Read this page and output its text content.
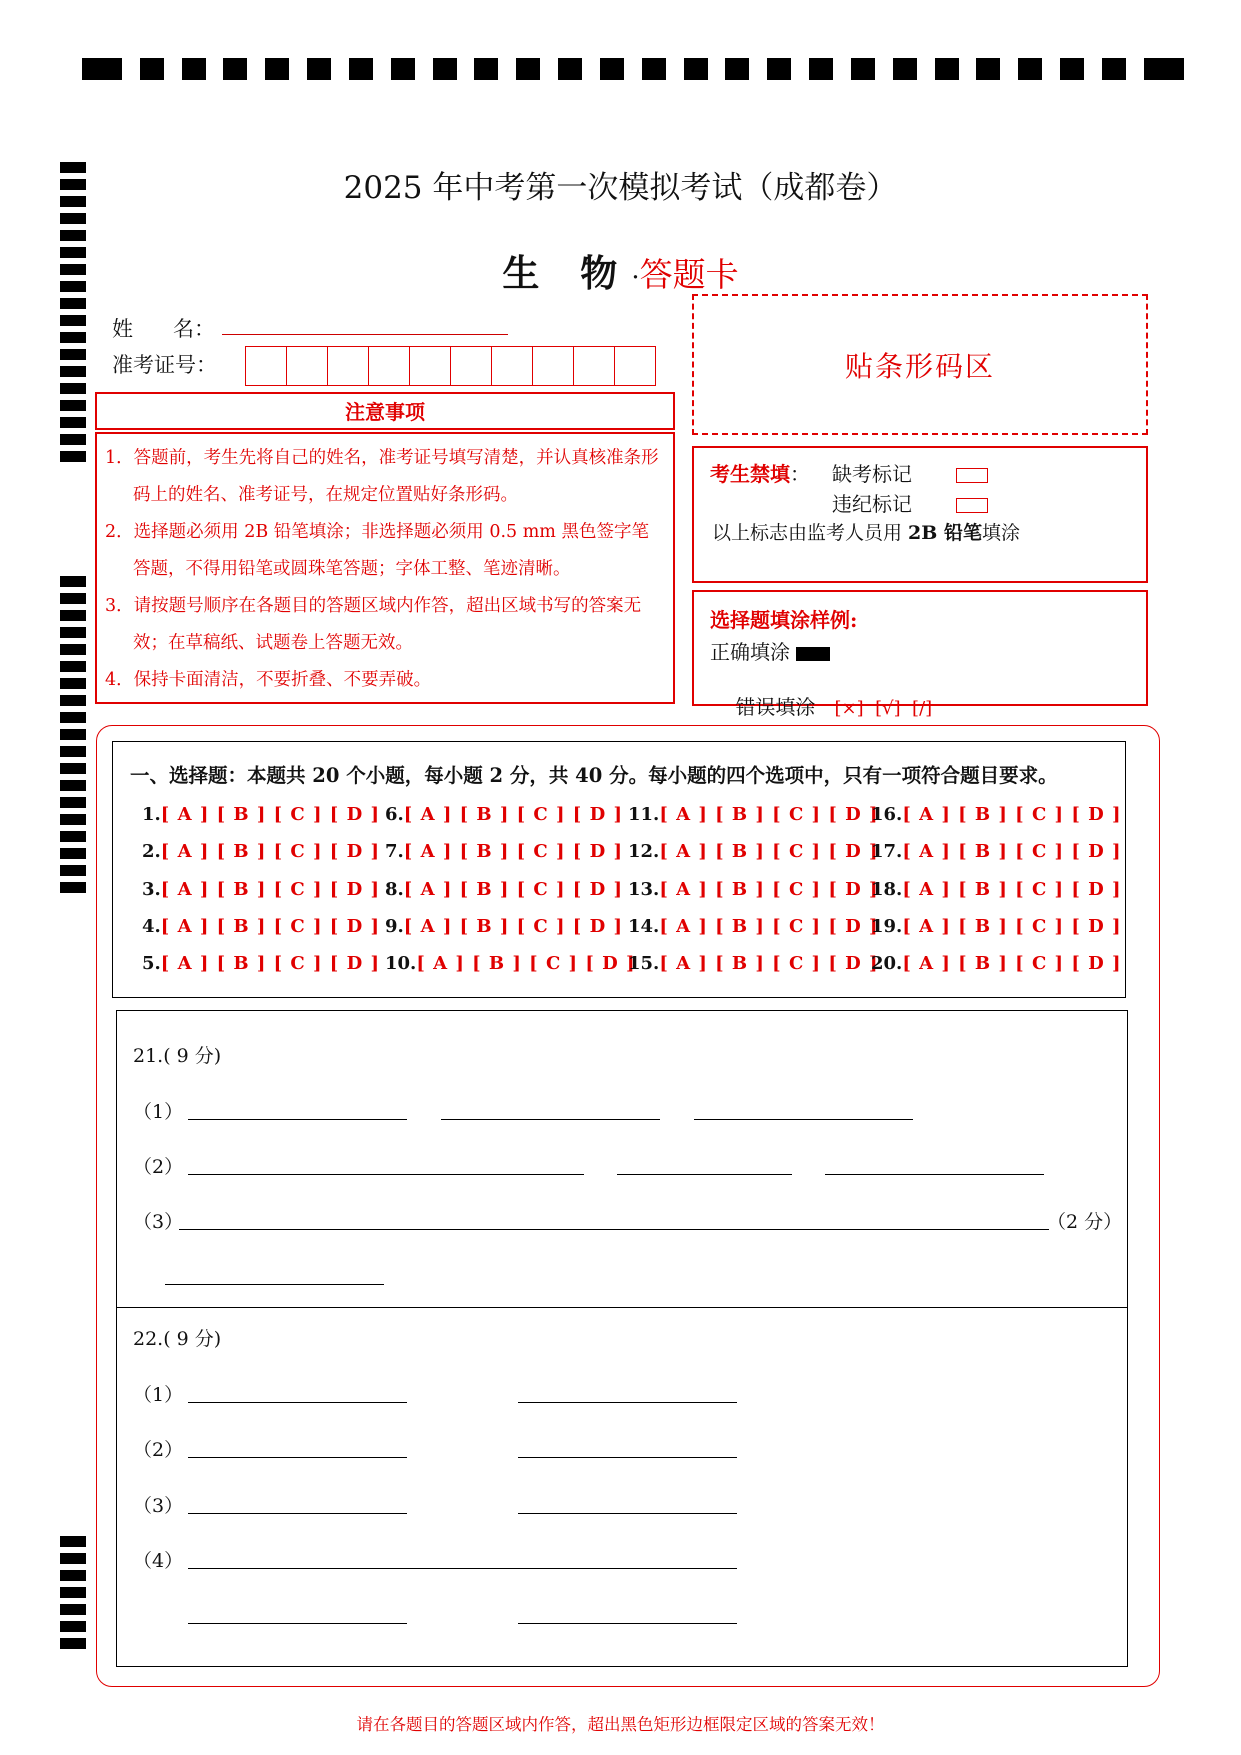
2025 年中考第一次模拟考试（成都卷）
生 物·答题卡
姓      名：
准考证号：	贴条形码区
注意事项

1．答题前，考生先将自己的姓名，准考证号填写清楚，并认真核准条形码上的姓名、准考证号，在规定位置贴好条形码。

2．选择题必须用 2B 铅笔填涂；非选择题必须用 0.5 mm 黑色签字笔答题，不得用铅笔或圆珠笔答题；字体工整、笔迹清晰。

3．请按题号顺序在各题目的答题区域内作答，超出区域书写的答案无效；在草稿纸、试题卷上答题无效。

4．保持卡面清洁，不要折叠、不要弄破。

考生禁填： 缺考标记
违纪标记
以上标志由监考人员用 2B 铅笔填涂
选择题填涂样例:
正确填涂

错误填涂 [×]  [√]  [/]

一、选择题：本题共 20 个小题，每小题 2 分，共 40 分。每小题的四个选项中，只有一项符合题目要求。
1.[ A ] [ B ] [ C ] [ D ]
2.[ A ] [ B ] [ C ] [ D ]
3.[ A ] [ B ] [ C ] [ D ]
4.[ A ] [ B ] [ C ] [ D ]
5.[ A ] [ B ] [ C ] [ D ]
6.[ A ] [ B ] [ C ] [ D ]
7.[ A ] [ B ] [ C ] [ D ]
8.[ A ] [ B ] [ C ] [ D ]
9.[ A ] [ B ] [ C ] [ D ]
10.[ A ] [ B ] [ C ] [ D ]
11.[ A ] [ B ] [ C ] [ D ]
12.[ A ] [ B ] [ C ] [ D ]
13.[ A ] [ B ] [ C ] [ D ]
14.[ A ] [ B ] [ C ] [ D ]
15.[ A ] [ B ] [ C ] [ D ]
16.[ A ] [ B ] [ C ] [ D ]
17.[ A ] [ B ] [ C ] [ D ]
18.[ A ] [ B ] [ C ] [ D ]
19.[ A ] [ B ] [ C ] [ D ]
20.[ A ] [ B ] [ C ] [ D ]
21.( 9 分)
（1）
（2）
（3）	（2 分）
22.( 9 分)
（1）
（2）
（3）
（4）
请在各题目的答题区域内作答，超出黑色矩形边框限定区域的答案无效！
